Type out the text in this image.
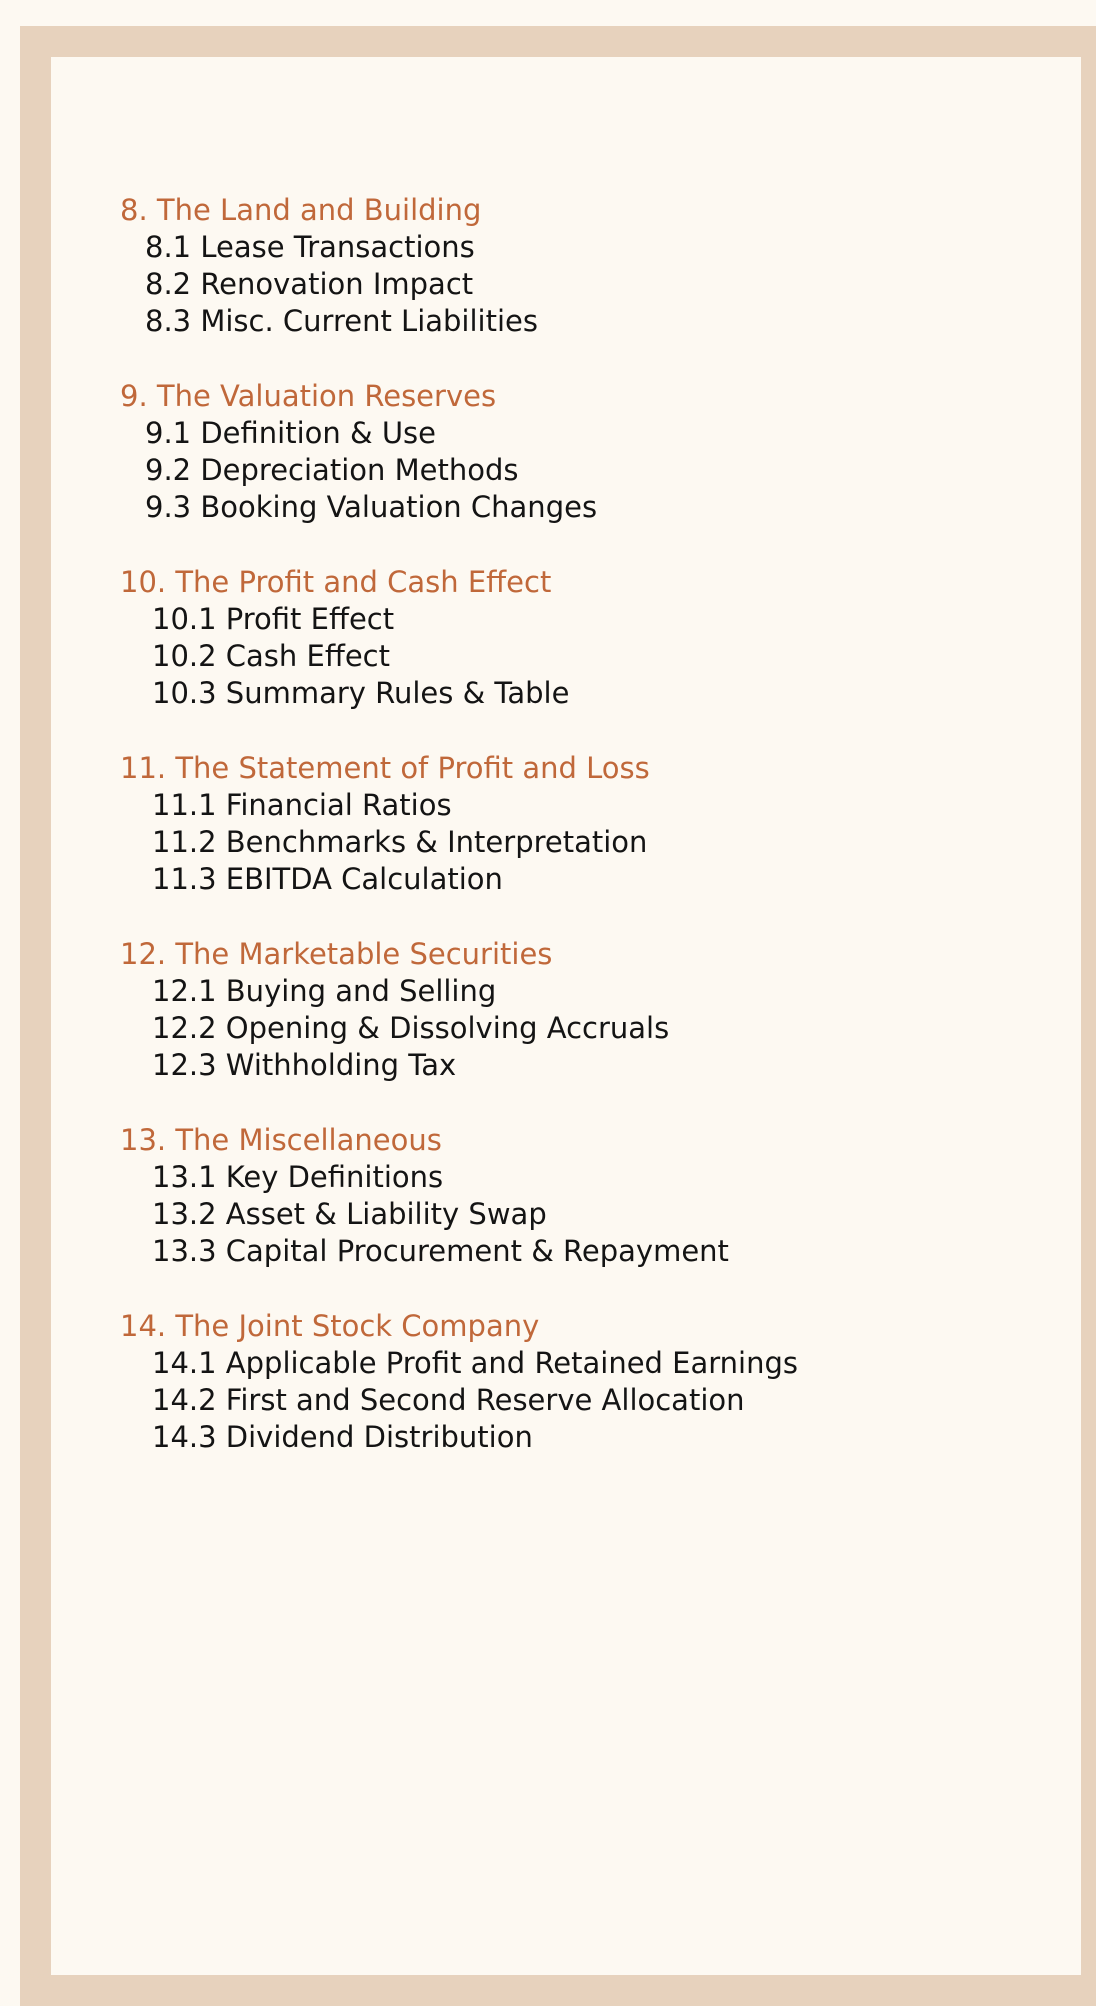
8. The Land and Building
8.1 Lease Transactions
8.2 Renovation Impact
8.3 Misc. Current Liabilities
9. The Valuation Reserves
9.1 Definition & Use
9.2 Depreciation Methods
9.3 Booking Valuation Changes
10. The Profit and Cash Effect
10.1 Profit Effect
10.2 Cash Effect
10.3 Summary Rules & Table
11. The Statement of Profit and Loss
11.1 Financial Ratios
11.2 Benchmarks & Interpretation
11.3 EBITDA Calculation
12. The Marketable Securities
12.1 Buying and Selling
12.2 Opening & Dissolving Accruals
12.3 Withholding Tax
13. The Miscellaneous
13.1 Key Definitions
13.2 Asset & Liability Swap
13.3 Capital Procurement & Repayment
14. The Joint Stock Company
14.1 Applicable Profit and Retained Earnings
14.2 First and Second Reserve Allocation
14.3 Dividend Distribution
